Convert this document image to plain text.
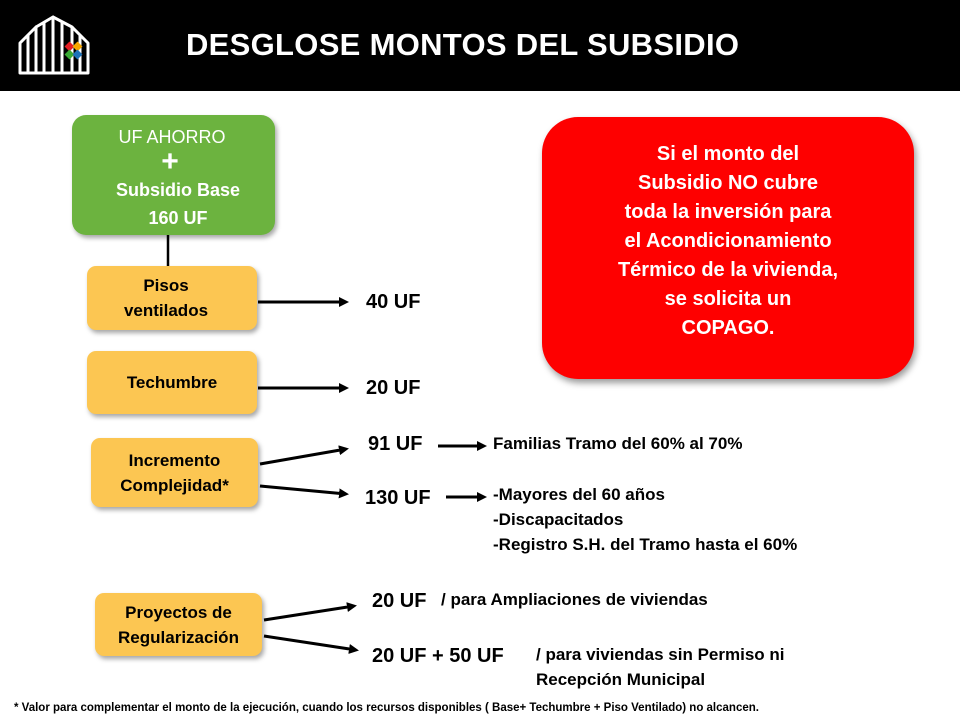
DESGLOSE MONTOS DEL SUBSIDIO
UF AHORRO
+
Subsidio Base
160 UF
Pisos
ventilados
Techumbre
Incremento
Complejidad*
Proyectos de
Regularización
40 UF
20 UF
91 UF	Familias Tramo del 60% al 70%
130 UF	-Mayores del 60 años
-Discapacitados
-Registro S.H. del Tramo hasta el 60%
20 UF / para Ampliaciones de viviendas
20 UF + 50 UF / para viviendas sin Permiso ni
Recepción Municipal
Si el monto del
Subsidio NO cubre
toda la inversión para
el Acondicionamiento
Térmico de la vivienda,
se solicita un
COPAGO.
* Valor para complementar el monto de la ejecución, cuando los recursos disponibles ( Base+ Techumbre + Piso Ventilado) no alcancen.
